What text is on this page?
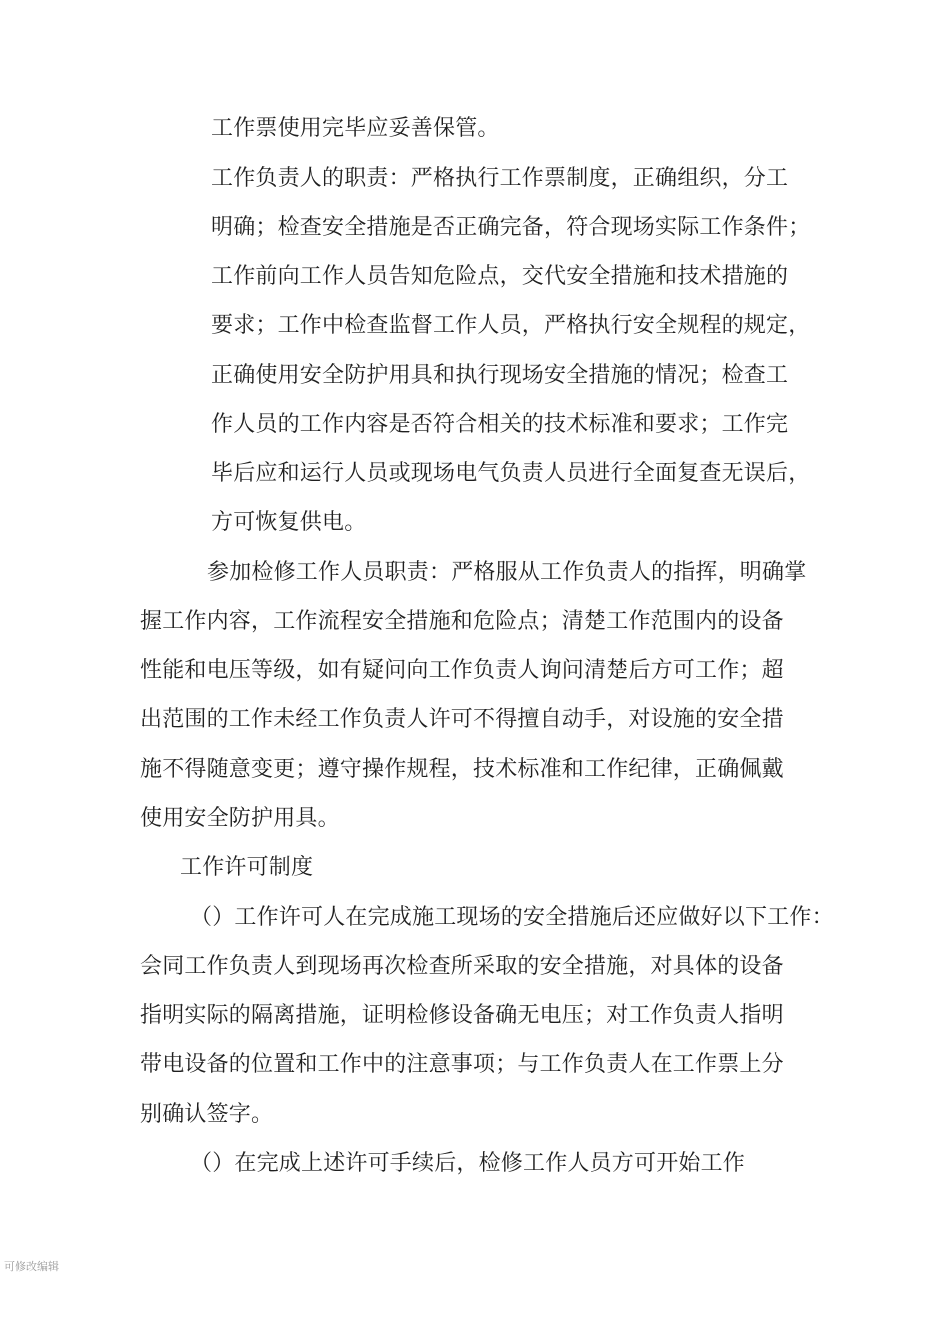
工作票使用完毕应妥善保管。
工作负责人的职责：严格执行工作票制度，正确组织，分工
明确；检查安全措施是否正确完备，符合现场实际工作条件；
工作前向工作人员告知危险点，交代安全措施和技术措施的
要求；工作中检查监督工作人员，严格执行安全规程的规定，
正确使用安全防护用具和执行现场安全措施的情况；检查工
作人员的工作内容是否符合相关的技术标准和要求；工作完
毕后应和运行人员或现场电气负责人员进行全面复查无误后，
方可恢复供电。
参加检修工作人员职责：严格服从工作负责人的指挥，明确掌
握工作内容，工作流程安全措施和危险点；清楚工作范围内的设备
性能和电压等级，如有疑问向工作负责人询问清楚后方可工作；超
出范围的工作未经工作负责人许可不得擅自动手，对设施的安全措
施不得随意变更；遵守操作规程，技术标准和工作纪律，正确佩戴
使用安全防护用具。
工作许可制度
（）工作许可人在完成施工现场的安全措施后还应做好以下工作：
会同工作负责人到现场再次检查所采取的安全措施，对具体的设备
指明实际的隔离措施，证明检修设备确无电压；对工作负责人指明
带电设备的位置和工作中的注意事项；与工作负责人在工作票上分
别确认签字。
（）在完成上述许可手续后，检修工作人员方可开始工作
可修改编辑
